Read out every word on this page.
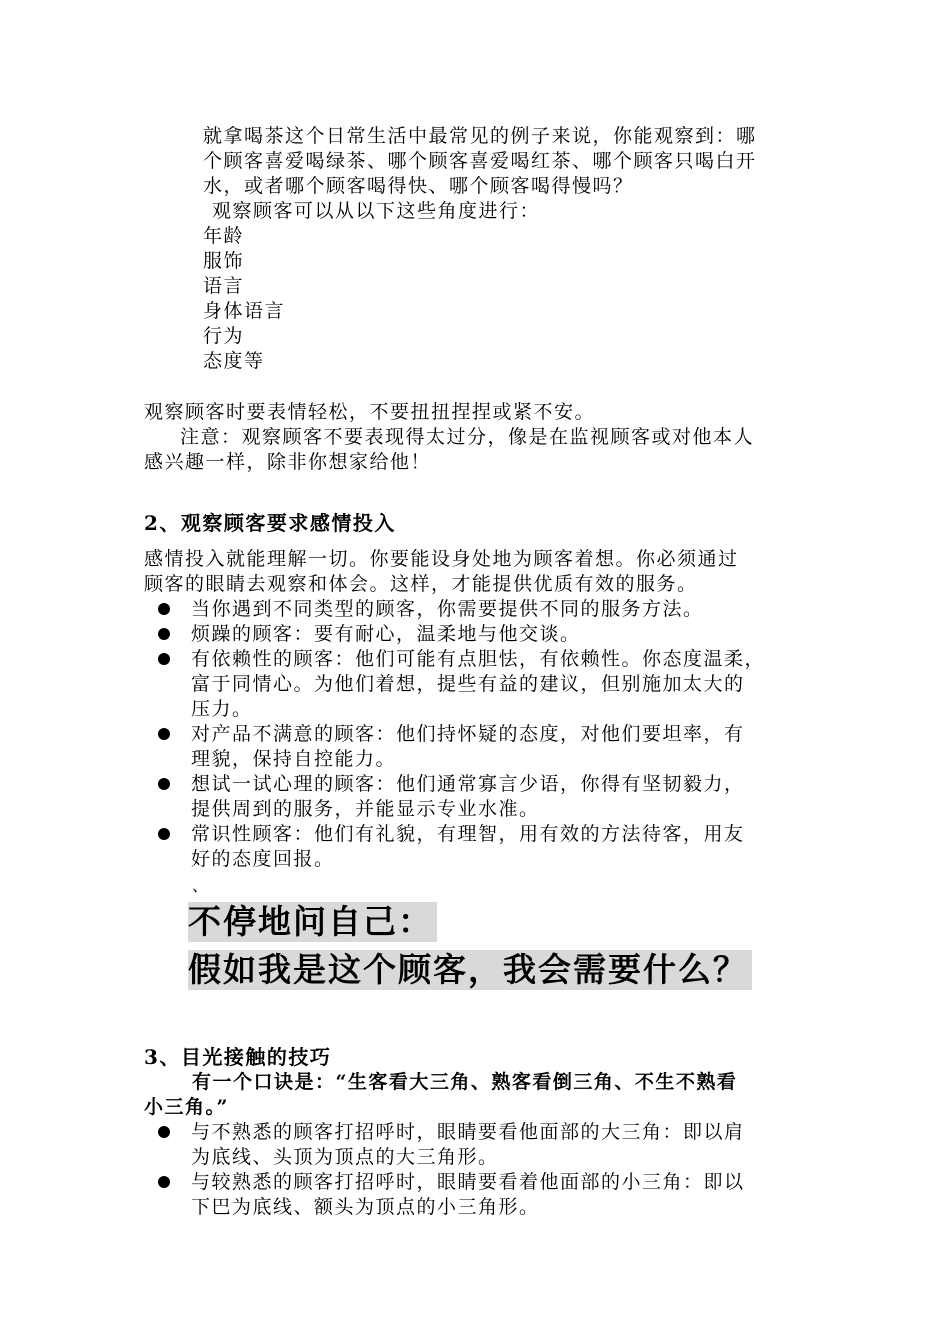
就拿喝茶这个日常生活中最常见的例子来说，你能观察到：哪
个顾客喜爱喝绿茶、哪个顾客喜爱喝红茶、哪个顾客只喝白开
水，或者哪个顾客喝得快、哪个顾客喝得慢吗？
观察顾客可以从以下这些角度进行：
年龄
服饰
语言
身体语言
行为
态度等
观察顾客时要表情轻松，不要扭扭捏捏或紧不安。
注意：观察顾客不要表现得太过分，像是在监视顾客或对他本人
感兴趣一样，除非你想家给他！
2、观察顾客要求感情投入
感情投入就能理解一切。你要能设身处地为顾客着想。你必须通过
顾客的眼睛去观察和体会。这样，才能提供优质有效的服务。
当你遇到不同类型的顾客，你需要提供不同的服务方法。
烦躁的顾客：要有耐心，温柔地与他交谈。
有依赖性的顾客：他们可能有点胆怯，有依赖性。你态度温柔，
富于同情心。为他们着想，提些有益的建议，但别施加太大的
压力。
对产品不满意的顾客：他们持怀疑的态度，对他们要坦率，有
理貌，保持自控能力。
想试一试心理的顾客：他们通常寡言少语，你得有坚韧毅力，
提供周到的服务，并能显示专业水准。
常识性顾客：他们有礼貌，有理智，用有效的方法待客，用友
好的态度回报。
、
不停地问自己：
假如我是这个顾客，我会需要什么？
3、目光接触的技巧
有一个口诀是：“生客看大三角、熟客看倒三角、不生不熟看
小三角。”
与不熟悉的顾客打招呼时，眼睛要看他面部的大三角：即以肩
为底线、头顶为顶点的大三角形。
与较熟悉的顾客打招呼时，眼睛要看着他面部的小三角：即以
下巴为底线、额头为顶点的小三角形。
